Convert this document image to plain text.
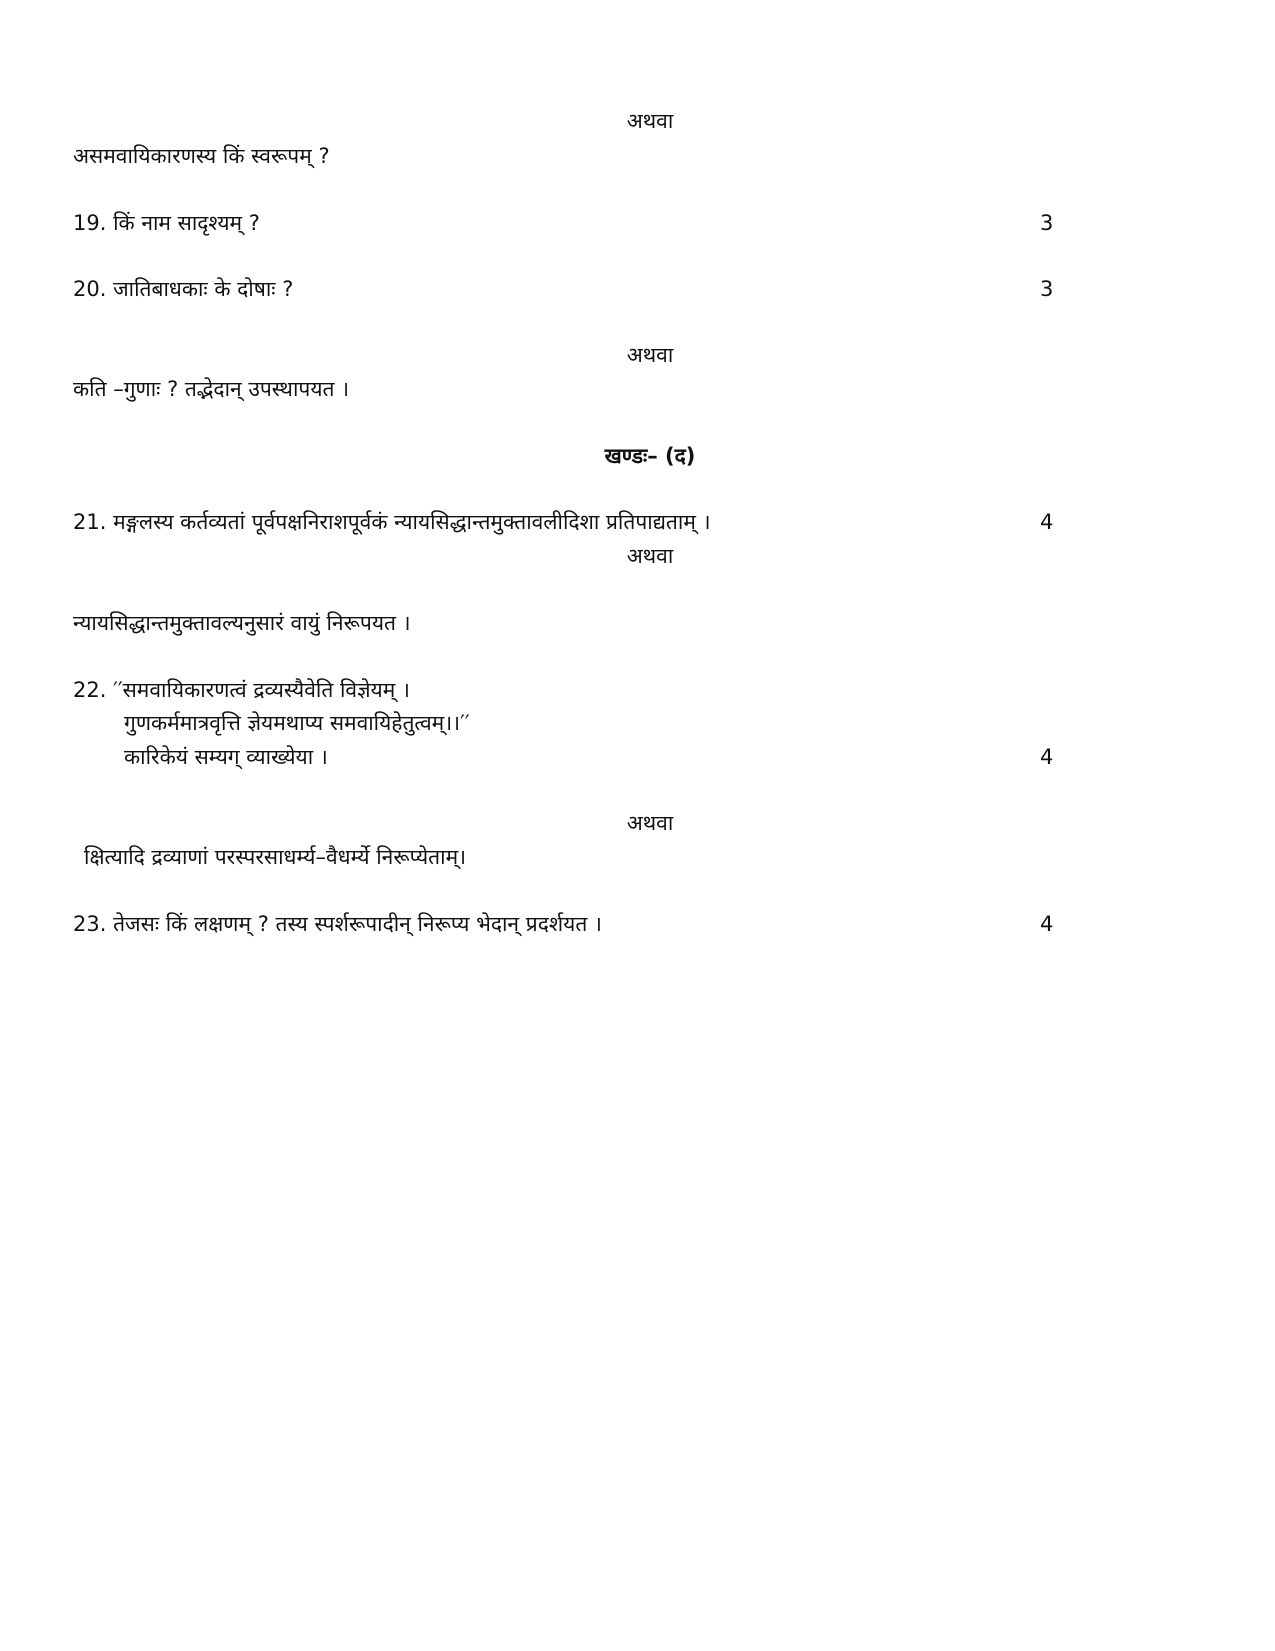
अथवा
असमवायिकारणस्य किं स्वरूपम् ?
19. किं नाम सादृश्यम् ?	3
20. जातिबाधकाः के दोषाः ?	3
अथवा
कति –गुणाः ? तद्भेदान् उपस्थापयत ।
खण्डः– (द)
21. मङ्गलस्य कर्तव्यतां पूर्वपक्षनिराशपूर्वकं न्यायसिद्धान्तमुक्तावलीदिशा प्रतिपाद्यताम् ।	4
अथवा
न्यायसिद्धान्तमुक्तावल्यनुसारं वायुं निरूपयत ।
22. ′′समवायिकारणत्वं द्रव्यस्यैवेति विज्ञेयम् ।
गुणकर्ममात्रवृत्ति ज्ञेयमथाप्य समवायिहेतुत्वम्।।′′
कारिकेयं सम्यग् व्याख्येया ।	4
अथवा
क्षित्यादि द्रव्याणां परस्परसाधर्म्य–वैधर्म्ये निरूप्येताम्।
23. तेजसः किं लक्षणम् ? तस्य स्पर्शरूपादीन् निरूप्य भेदान् प्रदर्शयत ।	4
